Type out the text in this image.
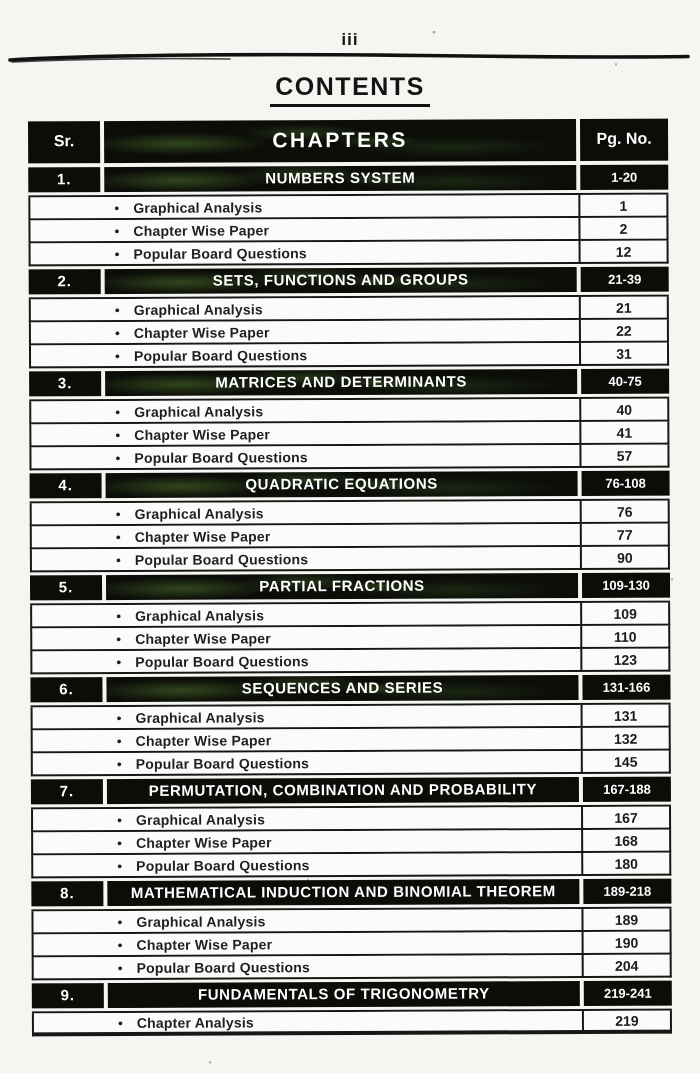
iii
CONTENTS
Sr.	CHAPTERS	Pg. No.
1.	NUMBERS SYSTEM	1-20
• Graphical Analysis	1
• Chapter Wise Paper	2
• Popular Board Questions	12
2.	SETS, FUNCTIONS AND GROUPS	21-39
• Graphical Analysis	21
• Chapter Wise Paper	22
• Popular Board Questions	31
3.	MATRICES AND DETERMINANTS	40-75
• Graphical Analysis	40
• Chapter Wise Paper	41
• Popular Board Questions	57
4.	QUADRATIC EQUATIONS	76-108
• Graphical Analysis	76
• Chapter Wise Paper	77
• Popular Board Questions	90
5.	PARTIAL FRACTIONS	109-130
• Graphical Analysis	109
• Chapter Wise Paper	110
• Popular Board Questions	123
6.	SEQUENCES AND SERIES	131-166
• Graphical Analysis	131
• Chapter Wise Paper	132
• Popular Board Questions	145
7.	PERMUTATION, COMBINATION AND PROBABILITY	167-188
• Graphical Analysis	167
• Chapter Wise Paper	168
• Popular Board Questions	180
8.	MATHEMATICAL INDUCTION AND BINOMIAL THEOREM	189-218
• Graphical Analysis	189
• Chapter Wise Paper	190
• Popular Board Questions	204
9.	FUNDAMENTALS OF TRIGONOMETRY	219-241
• Chapter Analysis	219
